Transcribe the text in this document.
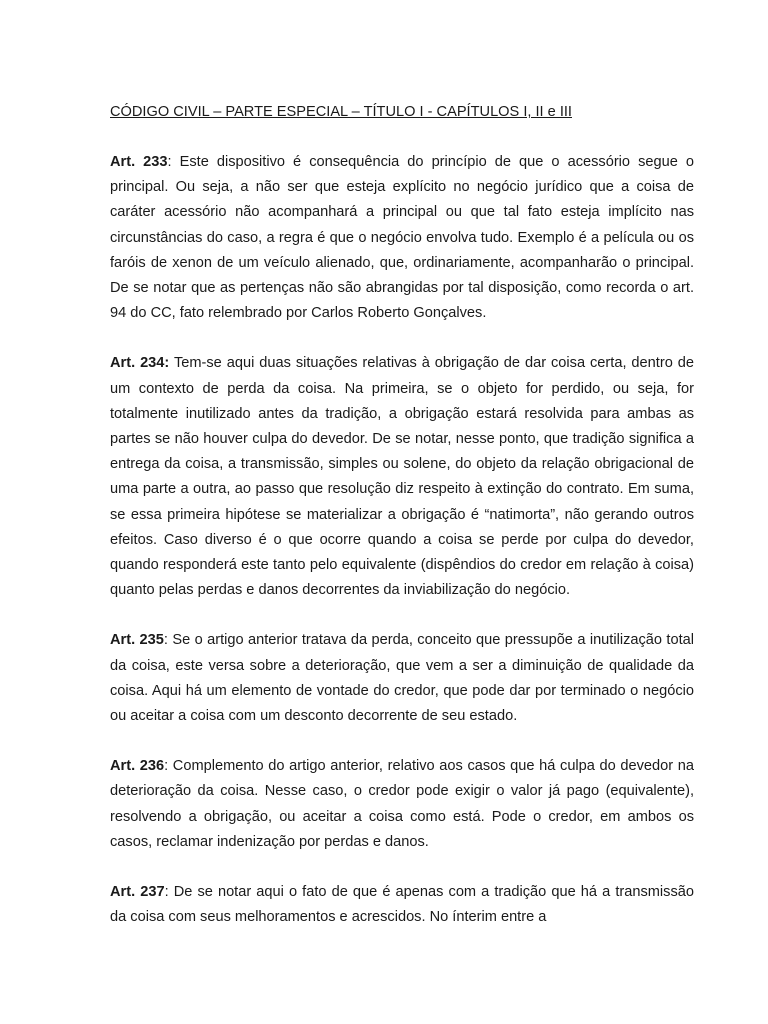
CÓDIGO CIVIL – PARTE ESPECIAL – TÍTULO I - CAPÍTULOS I, II e III

Art. 233: Este dispositivo é consequência do princípio de que o acessório segue o principal. Ou seja, a não ser que esteja explícito no negócio jurídico que a coisa de caráter acessório não acompanhará a principal ou que tal fato esteja implícito nas circunstâncias do caso, a regra é que o negócio envolva tudo. Exemplo é a película ou os faróis de xenon de um veículo alienado, que, ordinariamente, acompanharão o principal. De se notar que as pertenças não são abrangidas por tal disposição, como recorda o art. 94 do CC, fato relembrado por Carlos Roberto Gonçalves.

Art. 234: Tem-se aqui duas situações relativas à obrigação de dar coisa certa, dentro de um contexto de perda da coisa. Na primeira, se o objeto for perdido, ou seja, for totalmente inutilizado antes da tradição, a obrigação estará resolvida para ambas as partes se não houver culpa do devedor. De se notar, nesse ponto, que tradição significa a entrega da coisa, a transmissão, simples ou solene, do objeto da relação obrigacional de uma parte a outra, ao passo que resolução diz respeito à extinção do contrato. Em suma, se essa primeira hipótese se materializar a obrigação é “natimorta”, não gerando outros efeitos. Caso diverso é o que ocorre quando a coisa se perde por culpa do devedor, quando responderá este tanto pelo equivalente (dispêndios do credor em relação à coisa) quanto pelas perdas e danos decorrentes da inviabilização do negócio.

Art. 235: Se o artigo anterior tratava da perda, conceito que pressupõe a inutilização total da coisa, este versa sobre a deterioração, que vem a ser a diminuição de qualidade da coisa. Aqui há um elemento de vontade do credor, que pode dar por terminado o negócio ou aceitar a coisa com um desconto decorrente de seu estado.

Art. 236: Complemento do artigo anterior, relativo aos casos que há culpa do devedor na deterioração da coisa. Nesse caso, o credor pode exigir o valor já pago (equivalente), resolvendo a obrigação, ou aceitar a coisa como está. Pode o credor, em ambos os casos, reclamar indenização por perdas e danos.

Art. 237: De se notar aqui o fato de que é apenas com a tradição que há a transmissão da coisa com seus melhoramentos e acrescidos. No ínterim entre a
